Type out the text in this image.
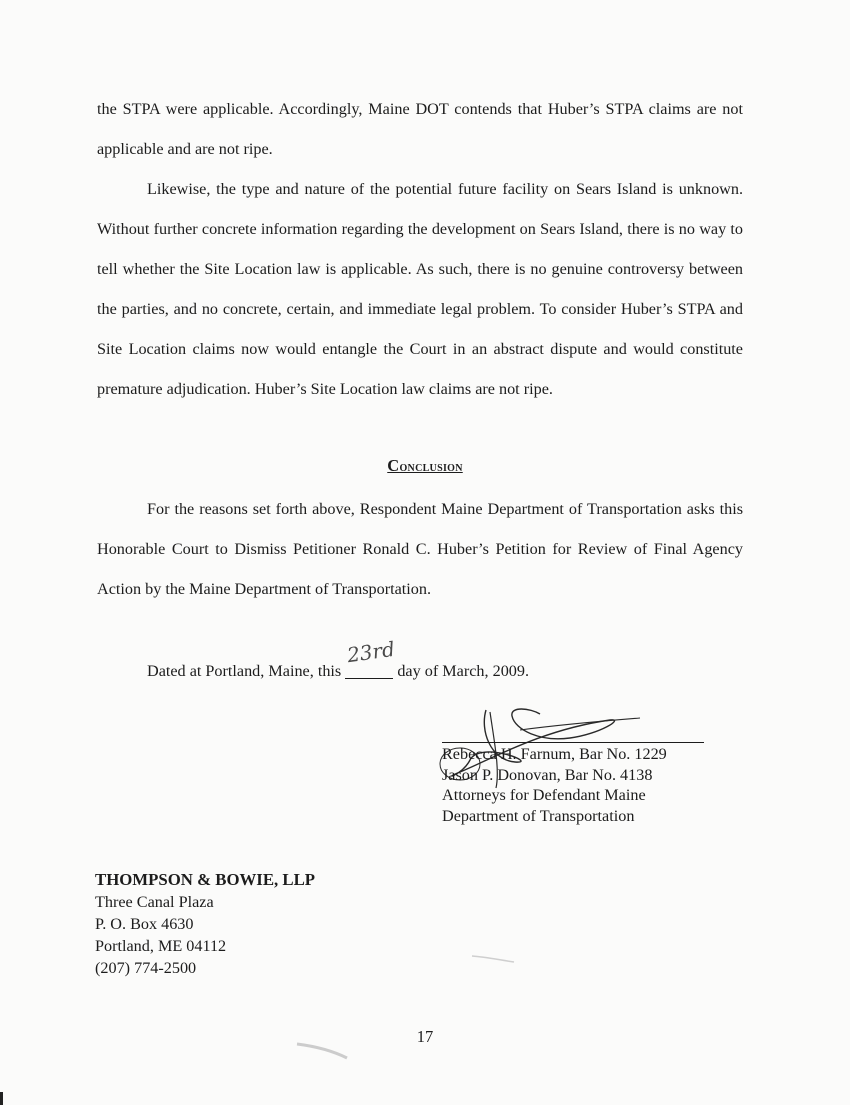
the STPA were applicable. Accordingly, Maine DOT contends that Huber’s STPA claims are not applicable and are not ripe.

Likewise, the type and nature of the potential future facility on Sears Island is unknown. Without further concrete information regarding the development on Sears Island, there is no way to tell whether the Site Location law is applicable. As such, there is no genuine controversy between the parties, and no concrete, certain, and immediate legal problem. To consider Huber’s STPA and Site Location claims now would entangle the Court in an abstract dispute and would constitute premature adjudication. Huber’s Site Location law claims are not ripe.

Conclusion

For the reasons set forth above, Respondent Maine Department of Transportation asks this Honorable Court to Dismiss Petitioner Ronald C. Huber’s Petition for Review of Final Agency Action by the Maine Department of Transportation.

Dated at Portland, Maine, this
23rd
day of March, 2009.

Rebecca H. Farnum, Bar No. 1229
Jason P. Donovan, Bar No. 4138
Attorneys for Defendant Maine
Department of Transportation

THOMPSON & BOWIE, LLP
Three Canal Plaza
P. O. Box 4630
Portland, ME 04112
(207) 774-2500

17
